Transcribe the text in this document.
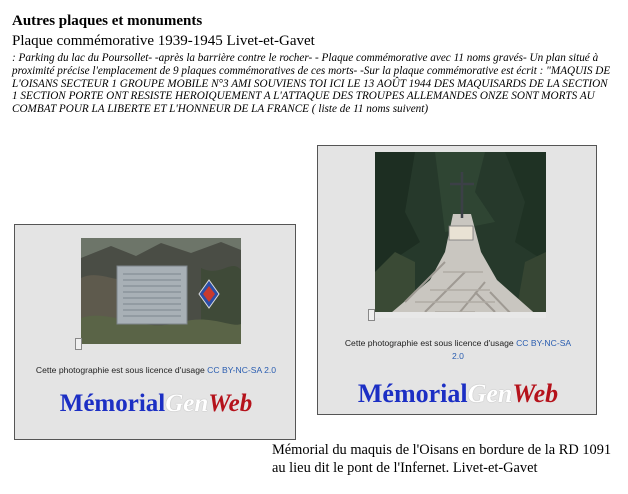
Autres plaques et monuments
Plaque commémorative 1939-1945 Livet-et-Gavet
: Parking du lac du Poursollet- -après la barrière contre le rocher- - Plaque commémorative avec 11 noms gravés- Un plan situé à proximité précise l'emplacement de 9 plaques commémoratives de ces morts- -Sur la plaque commémorative est écrit : "MAQUIS DE L'OISANS SECTEUR 1 GROUPE MOBILE N°3 AMI SOUVIENS TOI ICI LE 13 AOÛT 1944 DES MAQUISARDS DE LA SECTION 1 SECTION PORTE ONT RESISTE HEROIQUEMENT A L'ATTAQUE DES TROUPES ALLEMANDES ONZE SONT MORTS AU COMBAT POUR LA LIBERTE ET L'HONNEUR DE LA FRANCE ( liste de 11 noms suivent)
Cette photographie est sous licence d'usage CC BY-NC-SA 2.0
MémorialGenWeb
Cette photographie est sous licence d'usage CC BY-NC-SA
2.0
MémorialGenWeb
Mémorial du maquis de l'Oisans en bordure de la RD 1091 au lieu dit le pont de l'Infernet. Livet-et-Gavet
